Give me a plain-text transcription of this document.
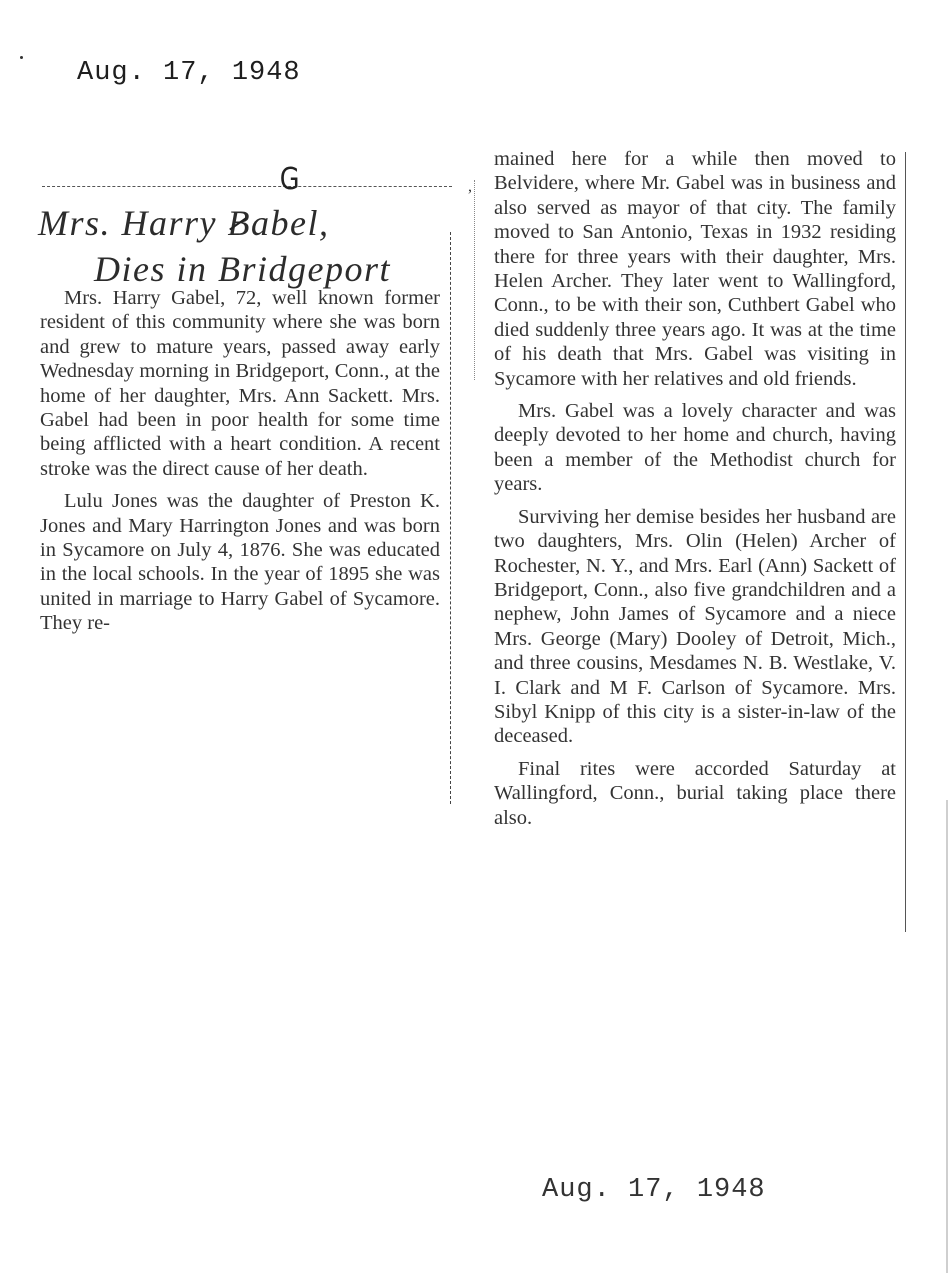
Aug. 17, 1948
,
G
Mrs. Harry Babel,
Dies in Bridgeport

Mrs. Harry Gabel, 72, well known former resident of this community where she was born and grew to mature years, passed away early Wednesday morning in Bridgeport, Conn., at the home of her daughter, Mrs. Ann Sackett. Mrs. Gabel had been in poor health for some time being afflicted with a heart condition. A recent stroke was the direct cause of her death.

Lulu Jones was the daughter of Preston K. Jones and Mary Harrington Jones and was born in Sycamore on July 4, 1876. She was educated in the local schools. In the year of 1895 she was united in marriage to Harry Gabel of Sycamore. They re-

mained here for a while then moved to Belvidere, where Mr. Gabel was in business and also served as mayor of that city. The family moved to San Antonio, Texas in 1932 residing there for three years with their daughter, Mrs. Helen Archer. They later went to Wallingford, Conn., to be with their son, Cuthbert Gabel who died suddenly three years ago. It was at the time of his death that Mrs. Gabel was visiting in Sycamore with her relatives and old friends.

Mrs. Gabel was a lovely character and was deeply devoted to her home and church, having been a member of the Methodist church for years.

Surviving her demise besides her husband are two daughters, Mrs. Olin (Helen) Archer of Rochester, N. Y., and Mrs. Earl (Ann) Sackett of Bridgeport, Conn., also five grandchildren and a nephew, John James of Sycamore and a niece Mrs. George (Mary) Dooley of Detroit, Mich., and three cousins, Mesdames N. B. Westlake, V. I. Clark and M F. Carlson of Sycamore. Mrs. Sibyl Knipp of this city is a sister-in-law of the deceased.

Final rites were accorded Saturday at Wallingford, Conn., burial taking place there also.

Aug. 17, 1948
